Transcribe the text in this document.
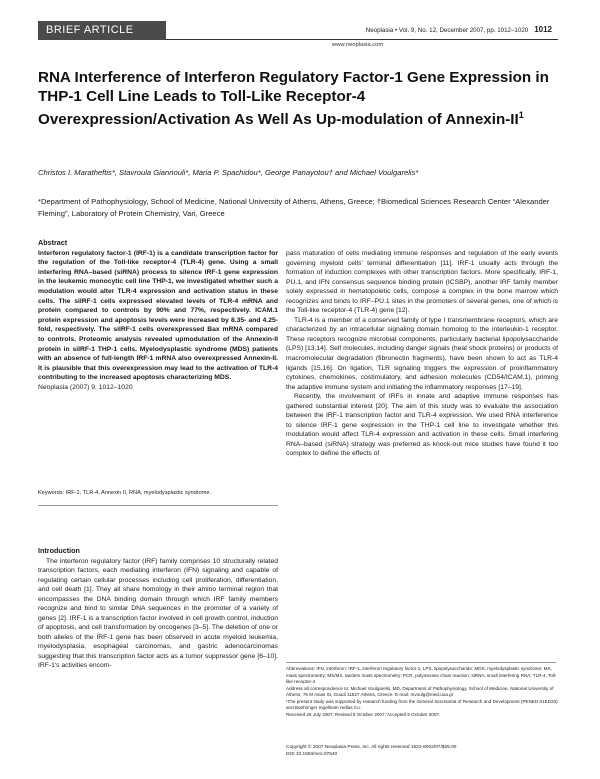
BRIEF ARTICLE	Neoplasia • Vol. 9, No. 12, December 2007, pp. 1012–1020 1012
www.neoplasia.com
RNA Interference of Interferon Regulatory Factor-1 Gene Expression in THP-1 Cell Line Leads to Toll-Like Receptor-4 Overexpression/Activation As Well As Up-modulation of Annexin-$II^1$
Christos I. Maratheftis*, Stavroula Giannouli*, Maria P. Spachidou*, George Panayotou† and Michael Voulgarelis*
*Department of Pathophysiology, School of Medicine, National University of Athens, Athens, Greece; †Biomedical Sciences Research Center “Alexander Fleming”, Laboratory of Protein Chemistry, Vari, Greece
Abstract
Interferon regulatory factor-1 (IRF-1) is a candidate transcription factor for the regulation of the Toll-like receptor-4 (TLR-4) gene. Using a small interfering RNA–based (siRNA) process to silence IRF-1 gene expression in the leukemic monocytic cell line THP-1, we investigated whether such a modulation would alter TLR-4 expression and activation status in these cells. The siIRF-1 cells expressed elevated levels of TLR-4 mRNA and protein compared to controls by 90% and 77%, respectively. ICAM.1 protein expression and apoptosis levels were increased by 8.35- and 4.25-fold, respectively. The siIRF-1 cells overexpressed Bax mRNA compared to controls. Proteomic analysis revealed upmodulation of the Annexin-II protein in siIRF-1 THP-1 cells. Myelodysplastic syndrome (MDS) patients with an absence of full-length IRF-1 mRNA also overexpressed Annexin-II. It is plausible that this overexpression may lead to the activation of TLR-4 contributing to the increased apoptosis characterizing MDS.
Neoplasia (2007) 9, 1012–1020
Keywords: IRF-1, TLR-4, Annexin II, RNA, myelodysplastic syndrome.
Introduction

The interferon regulatory factor (IRF) family comprises 10 structurally related transcription factors, each mediating interferon (IFN) signaling and capable of regulating certain cellular processes including cell proliferation, differentiation, and cell death [1]. They all share homology in their amino terminal region that encompasses the DNA binding domain through which IRF family members recognize and bind to similar DNA sequences in the promoter of a variety of genes [2]. IRF-1 is a transcription factor involved in cell growth control, induction of apoptosis, and cell transformation by oncogenes [3–5]. The deletion of one or both alleles of the IRF-1 gene has been observed in acute myeloid leukemia, myelodysplasia, esophageal carcinomas, and gastric adenocarcinomas suggesting that this transcription factor acts as a tumor suppressor gene [6–10]. IRF-1's activities encom-

pass maturation of cells mediating immune responses and regulation of the early events governing myeloid cells' terminal differentiation [11]. IRF-1 usually acts through the formation of induction complexes with other transcription factors. More specifically, IRF-1, PU.1, and IFN consensus sequence binding protein (ICSBP), another IRF family member solely expressed in hematopoietic cells, compose a complex in the bone marrow which recognizes and binds to IRF–PU.1 sites in the promoters of several genes, one of which is the Toll-like receptor-4 (TLR-4) gene [12].

TLR-4 is a member of a conserved family of type I transmembrane receptors, which are characterized by an intracellular signaling domain homolog to the interleukin-1 receptor. These receptors recognize microbial components, particularly bacterial lipopolysaccharide (LPS) [13,14]. Self molecules, including danger signals (heat shock proteins) or products of macromolecular degradation (fibronectin fragments), have been shown to act as TLR-4 ligands [15,16]. On ligation, TLR signaling triggers the expression of proinflammatory cytokines, chemokines, costimulatory, and adhesion molecules (CD54/ICAM.1), priming the adaptive immune system and initiating the inflammatory responses [17–19].

Recently, the involvement of IRFs in innate and adaptive immune responses has gathered substantial interest [20]. The aim of this study was to evaluate the association between the IRF-1 transcription factor and TLR-4 expression. We used RNA interference to silence IRF-1 gene expression in the THP-1 cell line to investigate whether this modulation would affect TLR-4 expression and activation in these cells. Small interfering RNA–based (siRNA) strategy was preferred as knock-out mice studies have found it too complex to define the effects of

Abbreviations: IFN, interferon; IRF-1, interferon regulatory factor-1; LPS, lipopolysaccharide; MDS, myelodysplastic syndrome; MS, mass spectrometry; MS/MS, tandem mass spectrometry; PCR, polymerase chain reaction; siRNA, small interfering RNA; TLR-4, Toll-like receptor-4

Address all correspondence to: Michael Voulgarelis, MD, Department of Pathophysiology, School of Medicine, National University of Athens, 75 M Asias St, Goudi 11527 Athens, Greece. E-mail: mvoulg@med.uoa.gr

¹The present study was supported by research funding from the General Secretariat of Research and Development (PENED 01ED20) and Boehringer Ingelheim Hellas Co.

Received 25 July 2007; Revised 8 October 2007; Accepted 9 October 2007.

Copyright © 2007 Neoplasia Press, Inc. All rights reserved 1522-8002/07/$25.00

DOI 10.1593/neo.07640
